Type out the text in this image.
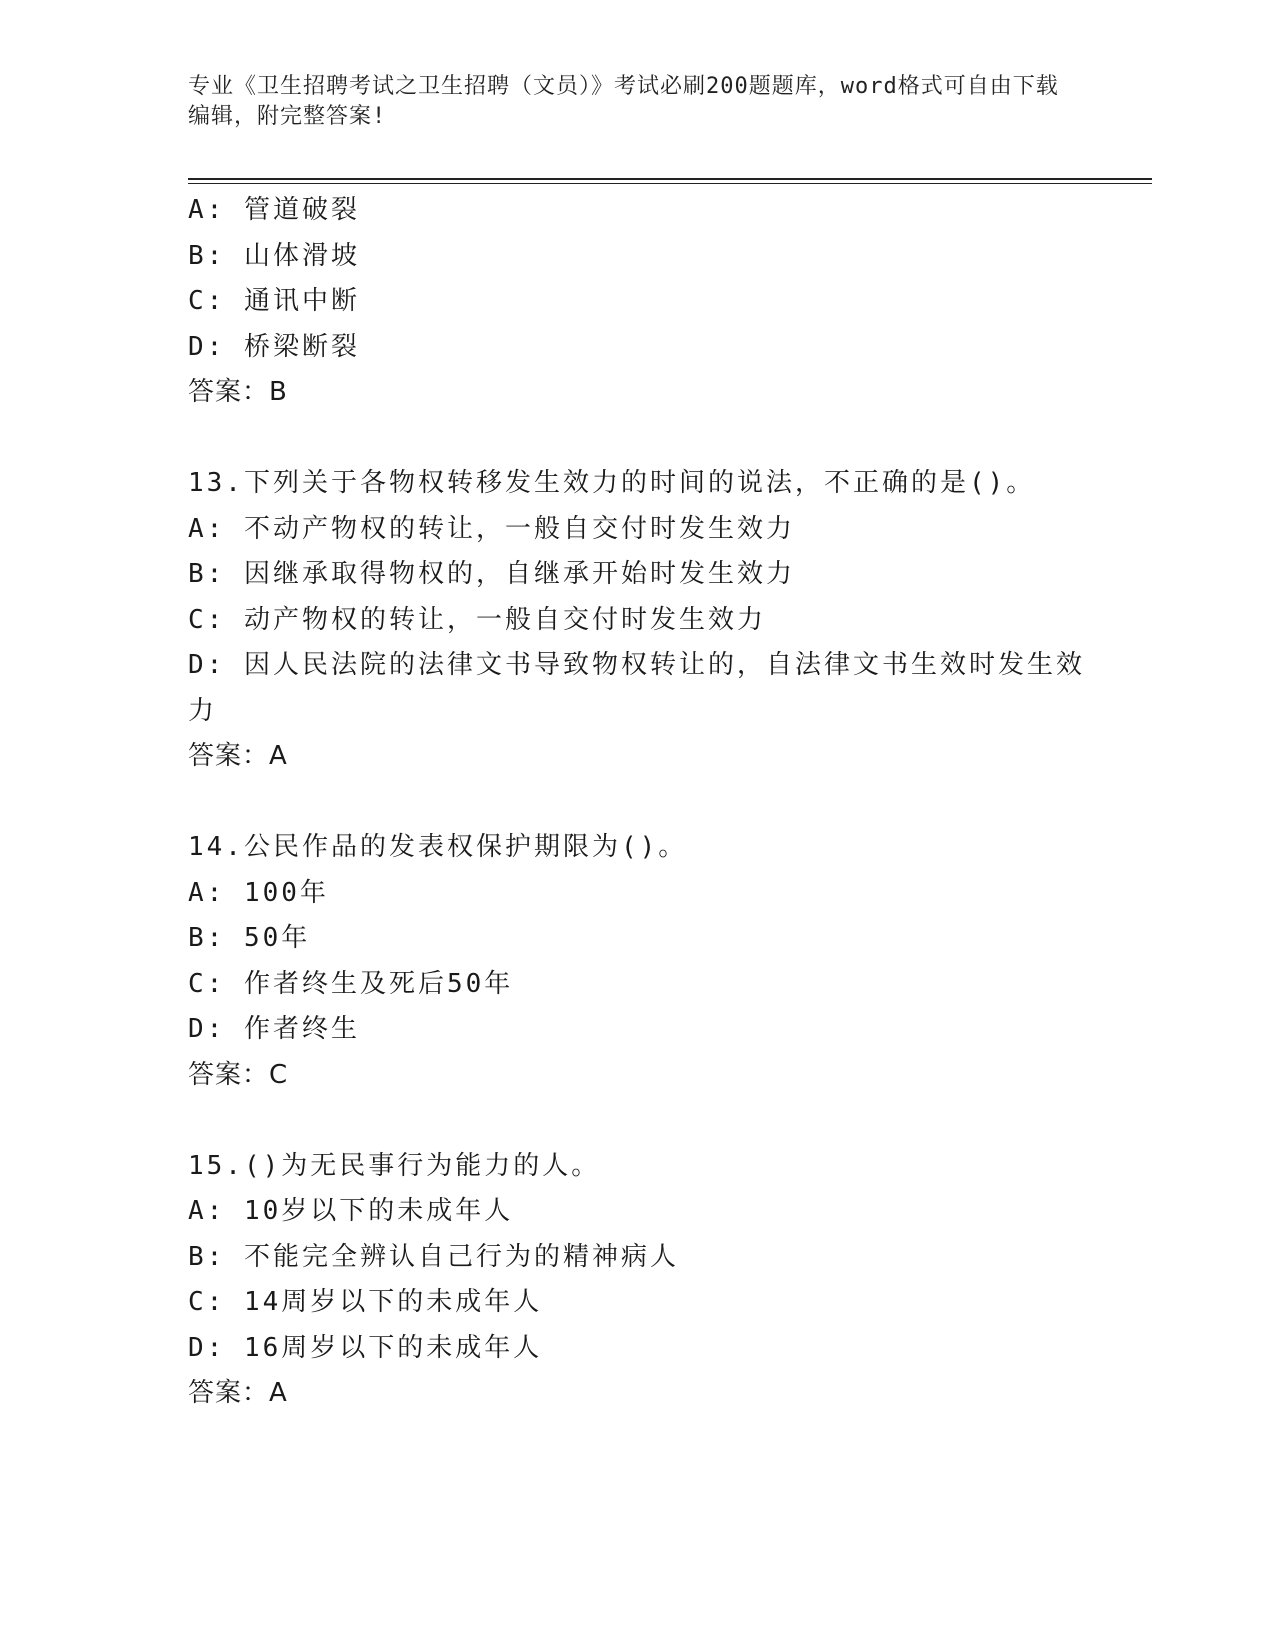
专业《卫生招聘考试之卫生招聘（文员）》考试必刷200题题库，word格式可自由下载编辑，附完整答案!
A: 管道破裂
B: 山体滑坡
C: 通讯中断
D: 桥梁断裂
答案：B
13.下列关于各物权转移发生效力的时间的说法，不正确的是()。
A: 不动产物权的转让，一般自交付时发生效力
B: 因继承取得物权的，自继承开始时发生效力
C: 动产物权的转让，一般自交付时发生效力
D: 因人民法院的法律文书导致物权转让的，自法律文书生效时发生效力
答案：A
14.公民作品的发表权保护期限为()。
A: 100年
B: 50年
C: 作者终生及死后50年
D: 作者终生
答案：C
15.()为无民事行为能力的人。
A: 10岁以下的未成年人
B: 不能完全辨认自己行为的精神病人
C: 14周岁以下的未成年人
D: 16周岁以下的未成年人
答案：A
